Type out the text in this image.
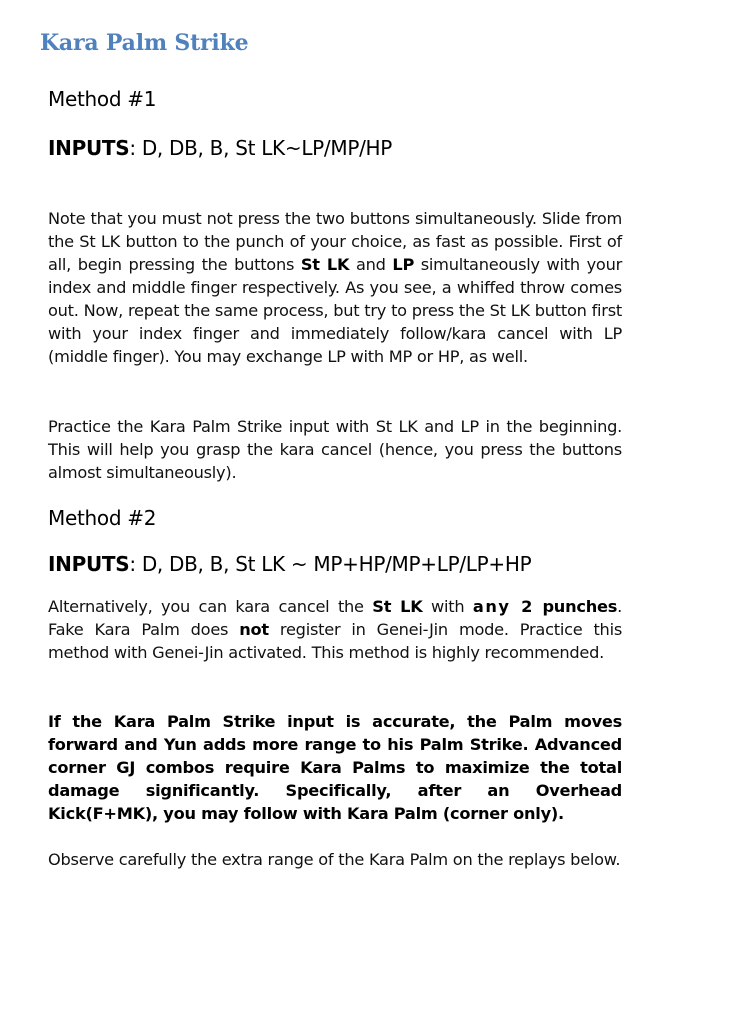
Kara Palm Strike
Method #1
INPUTS: D, DB, B, St LK~LP/MP/HP

Note that you must not press the two buttons simultaneously. Slide from the St LK button to the punch of your choice, as fast as possible. First of all, begin pressing the buttons St LK and LP simultaneously with your index and middle finger respectively. As you see, a whiffed throw comes out. Now, repeat the same process, but try to press the St LK button first with your index finger and immediately follow/kara cancel with LP (middle finger). You may exchange LP with MP or HP, as well.

Practice the Kara Palm Strike input with St LK and LP in the beginning. This will help you grasp the kara cancel (hence, you press the buttons almost simultaneously).

Method #2
INPUTS: D, DB, B, St LK ~ MP+HP/MP+LP/LP+HP

Alternatively, you can kara cancel the St LK with any 2 punches. Fake Kara Palm does not register in Genei-Jin mode. Practice this method with Genei-Jin activated. This method is highly recommended.

If the Kara Palm Strike input is accurate, the Palm moves forward and Yun adds more range to his Palm Strike. Advanced corner GJ combos require Kara Palms to maximize the total damage significantly. Specifically, after an Overhead Kick(F+MK), you may follow with Kara Palm (corner only).

Observe carefully the extra range of the Kara Palm on the replays below.
